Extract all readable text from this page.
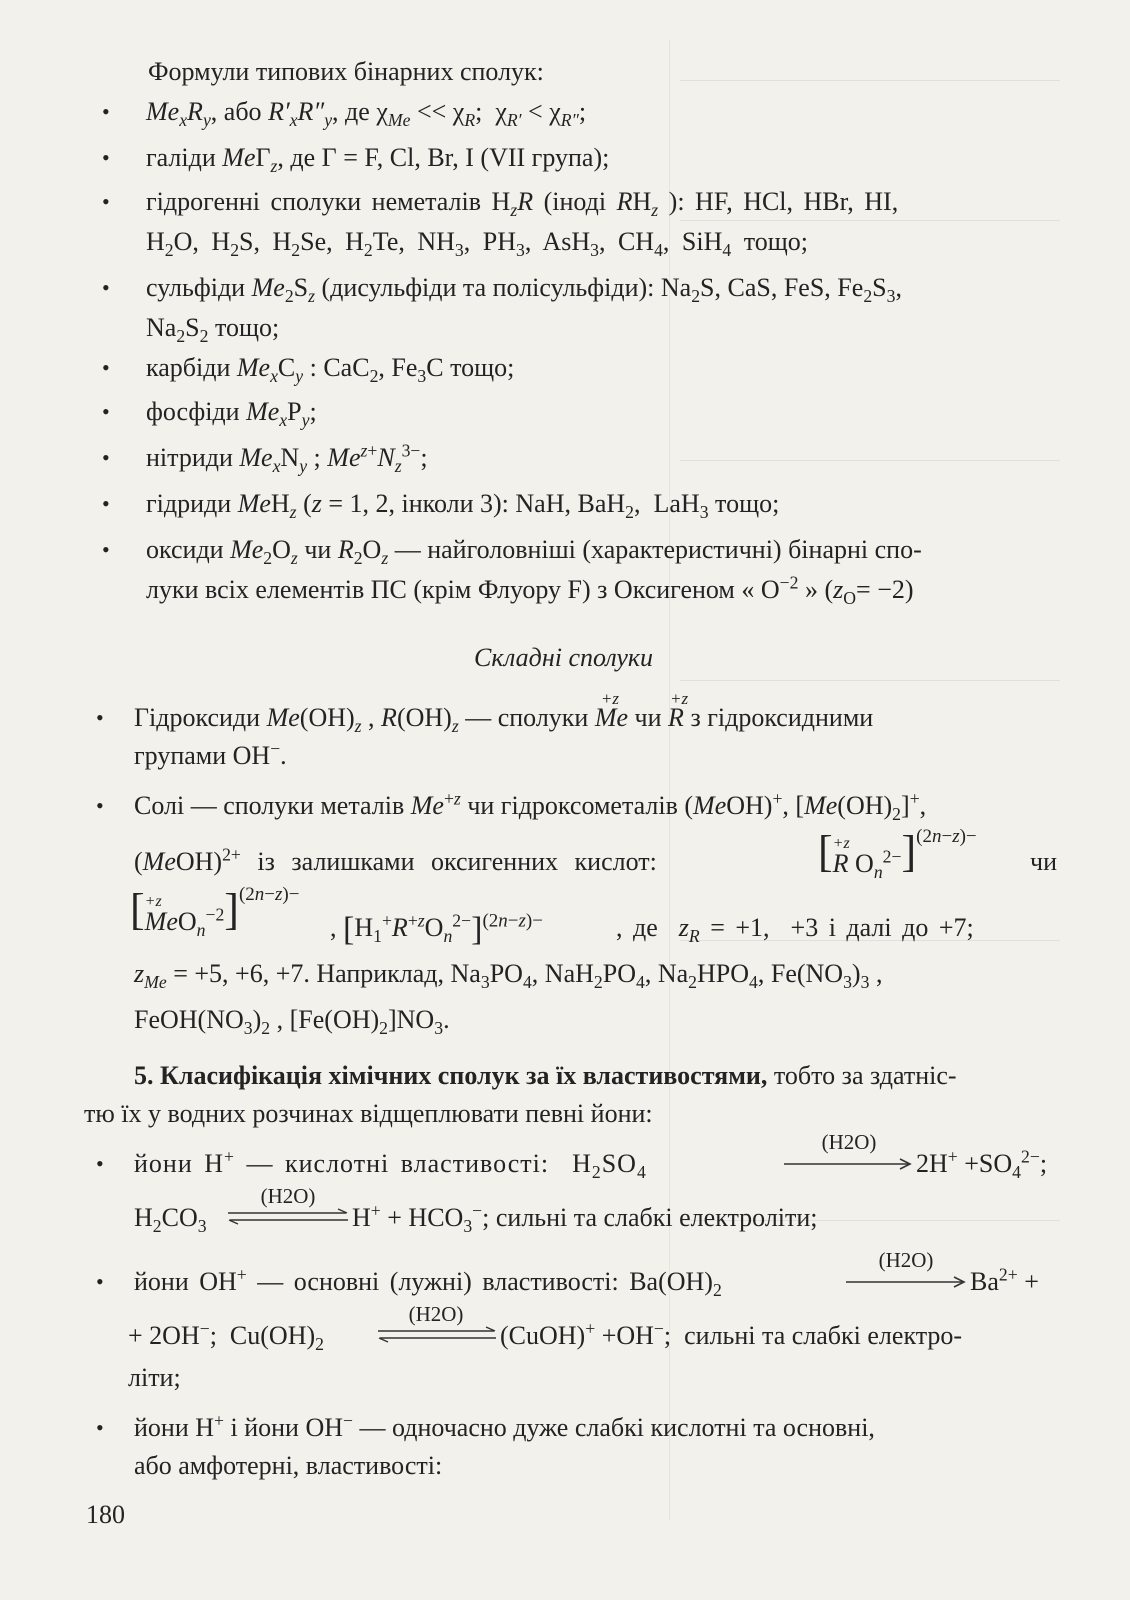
Формули типових бінарних сполук:
• $Me_xR_y$, або $R'_xR''_y$, де $\chi_{Me} << \chi_R$;  $\chi_{R'} < \chi_{R''}$;
• галіди MeΓ$_z$, де Γ = F, Cl, Br, I (VII група);
• гідрогенні сполуки неметалів $H_zR$ (іноді $RH_z$ ): HF, HCl, HBr, HI,
$H_2O$, $H_2S$, $H_2Se$, $H_2Te$, $NH_3$, $PH_3$, AsH$_3$, $CH_4$, SiH$_4$ тощо;
• сульфіди $Me_2S_z$ (дисульфіди та полісульфіди): $Na_2S$, CaS, FeS, $Fe_2S_3$,
$Na_2S_2$ тощо;
• карбіди $Me_xC_y$ : CaC$_2$, $Fe_3C$ тощо;
• фосфіди $Me_xP_y$;
• нітриди $Me_xN_y$ ; $Me^{z+}N_z^{3-}$;
• гідриди MeH$_z$ (z = 1, 2, інколи 3): NaH, BaH$_2$,  LaH$_3$ тощо;
• оксиди $Me_2O_z$ чи $R_2O_z$ — найголовніші (характеристичні) бінарні спо-
луки всіх елементів ПС (крім Флуору F) з Оксигеном « $O^{-2}$ » $(z_O= -2)$
Складні сполуки
• Гідроксиди $Me(OH)_z$ , $R(OH)_z$ — сполуки
+z
Me чи
+z
R з гідроксидними
групами OH−.
• Солі — сполуки металів $Me^{+z}$ чи гідроксометалів (MeOH)+, $[Me(OH)_2]^+$,
(MeOH)$^{2+}$ із залишками оксигенних кислот:	[+z
R $O_n^{2-}]^{(2n-z)-}$
чи
[+z
MeO$_n^{-2}$]$^{(2n-z)-}$
, $[H_1^+R^{+z}O_n^{2-}]^{(2n-z)-}$	, де  $z_R = +1$,  +3 і далі до +7;
$z_{Me} = +5$, +6, +7. Наприклад, $Na_3PO_4$, $NaH_2PO_4$, $Na_2HPO_4$, $Fe(NO_3)_3$ ,
$FeOH(NO_3)_2$ , $[Fe(OH)_2]NO_3$.
5. Класифікація хімічних сполук за їх властивостями, тобто за здатніс-
тю їх у водних розчинах відщеплювати певні йони:
• йони H+ — кислотні властивості:  $H_2SO_4$
(H2O)
$2H^+ +SO_4^{2-}$;
$H_2CO_3$
(H2O)
$H^+ + HCO_3^-$; сильні та слабкі електроліти;
• йони OH+ — основні (лужні) властивості: $Ba(OH)_2$
(H2O)
$Ba^{2+}$ +
+ 2OH−;  $Cu(OH)_2$
(H2O)
(CuOH)+ +OH−;  сильні та слабкі електро-
літи;
• йони H+ і йони OH− — одночасно дуже слабкі кислотні та основні,
або амфотерні, властивості:
180
